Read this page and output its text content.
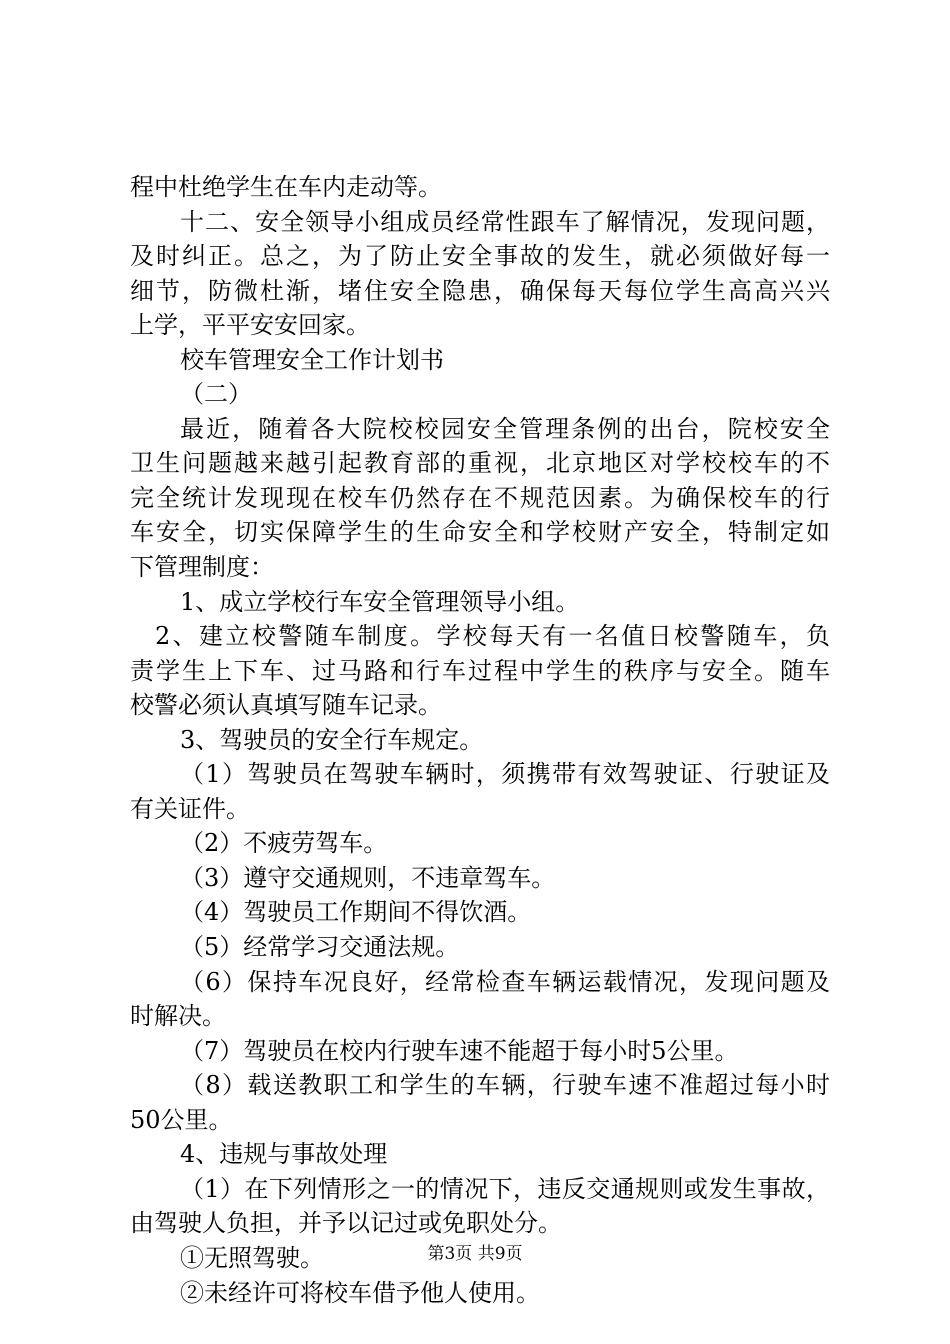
程中杜绝学生在车内走动等。
十二、安全领导小组成员经常性跟车了解情况，发现问题，
及时纠正。总之，为了防止安全事故的发生，就必须做好每一
细节，防微杜渐，堵住安全隐患，确保每天每位学生高高兴兴
上学，平平安安回家。
校车管理安全工作计划书
（二）
最近，随着各大院校校园安全管理条例的出台，院校安全
卫生问题越来越引起教育部的重视，北京地区对学校校车的不
完全统计发现现在校车仍然存在不规范因素。为确保校车的行
车安全，切实保障学生的生命安全和学校财产安全，特制定如
下管理制度：
1、成立学校行车安全管理领导小组。
2、建立校警随车制度。学校每天有一名值日校警随车，负
责学生上下车、过马路和行车过程中学生的秩序与安全。随车
校警必须认真填写随车记录。
3、驾驶员的安全行车规定。
（1）驾驶员在驾驶车辆时，须携带有效驾驶证、行驶证及
有关证件。
（2）不疲劳驾车。
（3）遵守交通规则，不违章驾车。
（4）驾驶员工作期间不得饮酒。
（5）经常学习交通法规。
（6）保持车况良好，经常检查车辆运载情况，发现问题及
时解决。
（7）驾驶员在校内行驶车速不能超于每小时5公里。
（8）载送教职工和学生的车辆，行驶车速不准超过每小时
50公里。
4、违规与事故处理
（1）在下列情形之一的情况下，违反交通规则或发生事故，
由驾驶人负担，并予以记过或免职处分。
①无照驾驶。
②未经许可将校车借予他人使用。
第3页 共9页
